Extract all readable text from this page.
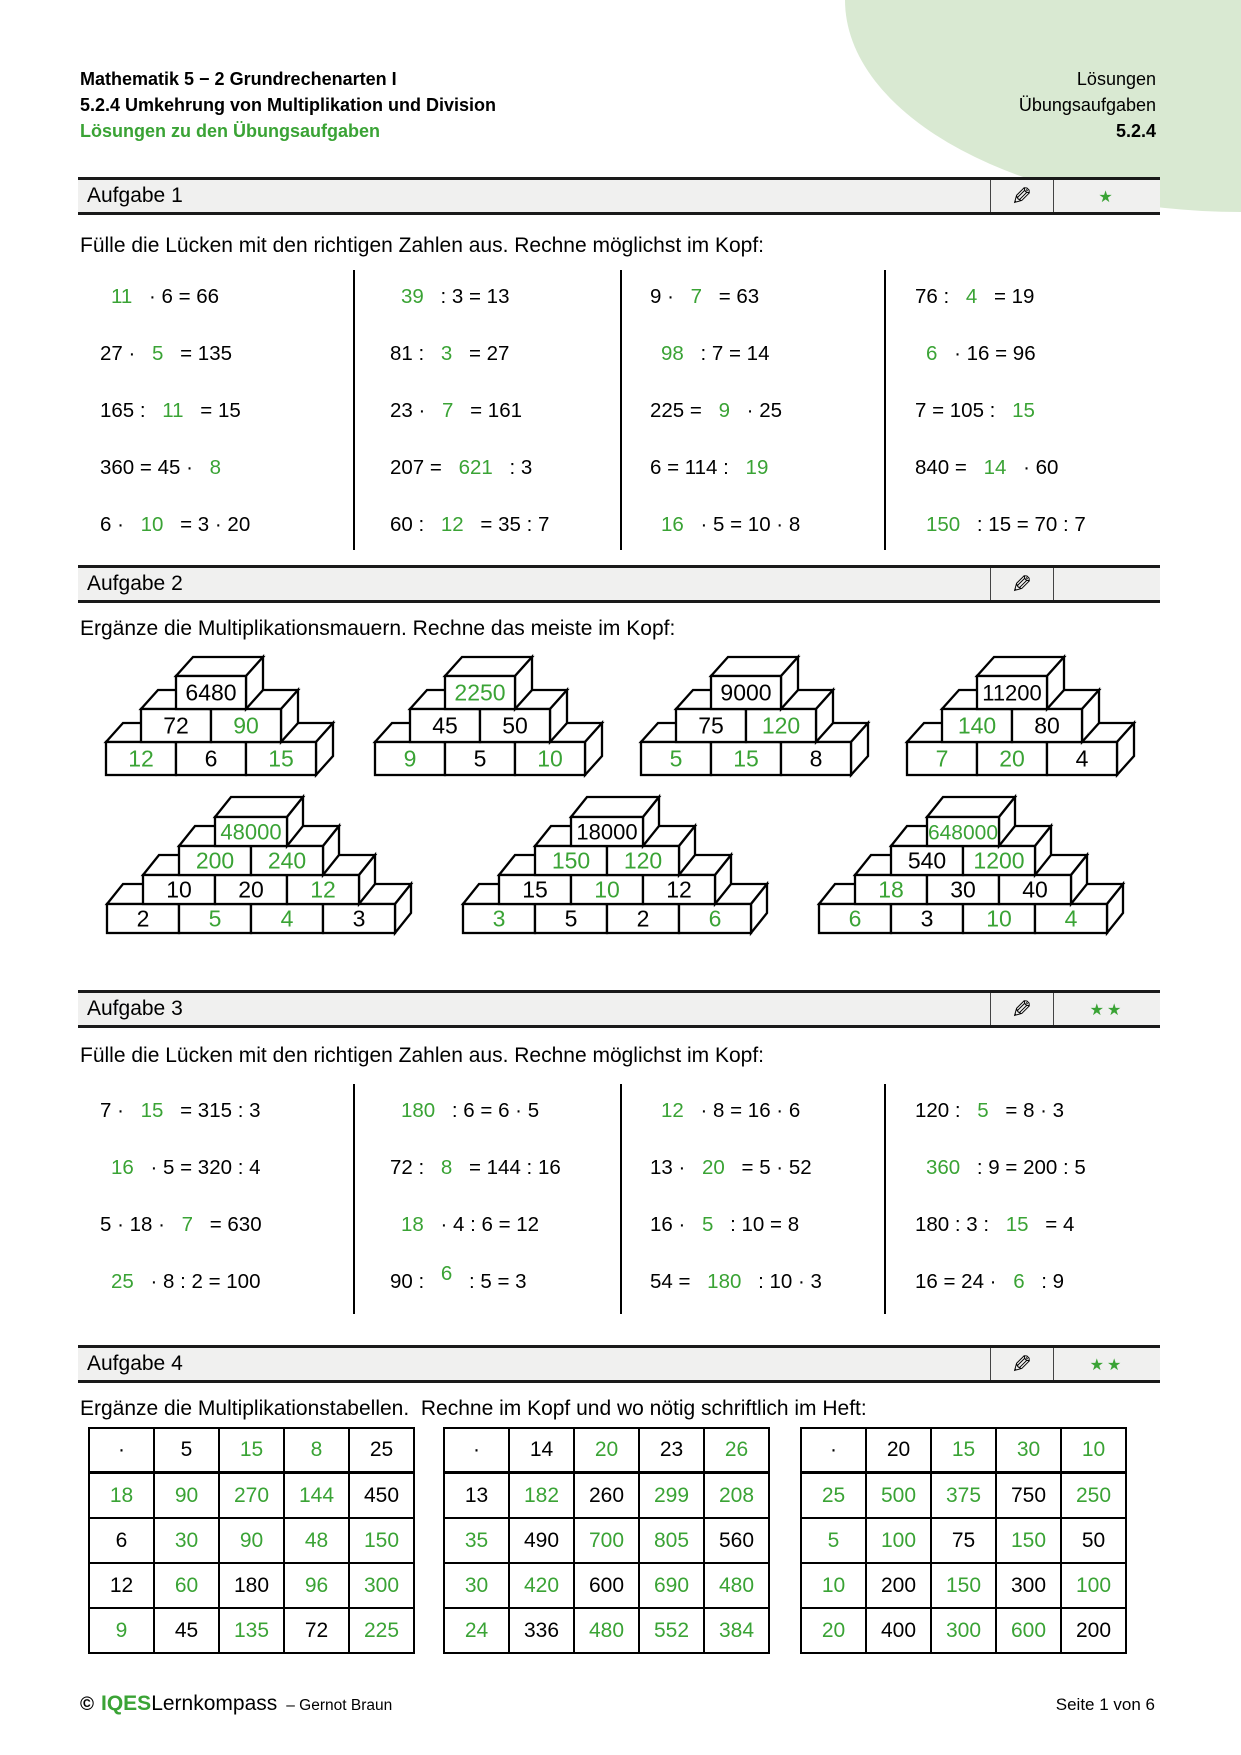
Mathematik 5 − 2 Grundrechenarten I
5.2.4 Umkehrung von Multiplikation und Division
Lösungen zu den Übungsaufgaben
Lösungen
Übungsaufgaben
5.2.4
Aufgabe 1	✎	★
Fülle die Lücken mit den richtigen Zahlen aus. Rechne möglichst im Kopf:
11 · 6 = 66
27 · 5 = 135
165 : 11 = 15
360 = 45 · 8
6 · 10 = 3 · 20
39 : 3 = 13
81 : 3 = 27
23 · 7 = 161
207 = 621 : 3
60 : 12 = 35 : 7
9 · 7 = 63
98 : 7 = 14
225 = 9 · 25
6 = 114 : 19
16 · 5 = 10 · 8
76 : 4 = 19
6 · 16 = 96
7 = 105 : 15
840 = 14 · 60
150 : 15 = 70 : 7
Aufgabe 2	✎
Ergänze die Multiplikationsmauern. Rechne das meiste im Kopf:
12 6 15
72 90
6480
9 5 10
45 50
2250
5 15 8
75 120
9000
7 20 4
140 80
11200
2	5	4	3
10 20 12
200 240
48000
3	5	2	6
15 10 12
150 120
18000
6	3 10 4
18 30 40
540 1200
648000
Aufgabe 3	✎	★★
Fülle die Lücken mit den richtigen Zahlen aus. Rechne möglichst im Kopf:
7 · 15 = 315 : 3
16 · 5 = 320 : 4
5 · 18 · 7 = 630
25 · 8 : 2 = 100
180 : 6 = 6 · 5
72 : 8 = 144 : 16
18 · 4 : 6 = 12
90 : 6 : 5 = 3
12 · 8 = 16 · 6
13 · 20 = 5 · 52
16 · 5 : 10 = 8
54 = 180 : 10 · 3
120 : 5 = 8 · 3
360 : 9 = 200 : 5
180 : 3 : 15 = 4
16 = 24 · 6 : 9
Aufgabe 4	✎	★★
Ergänze die Multiplikationstabellen.  Rechne im Kopf und wo nötig schriftlich im Heft:
·	5	15	8	25
18	90	270	144	450
6	30	90	48	150
12	60	180	96	300
9	45	135	72	225
·	14	20	23	26
13	182	260	299	208
35	490	700	805	560
30	420	600	690	480
24	336	480	552	384
·	20	15	30	10
25	500	375	750	250
5	100	75	150	50
10	200	150	300	100
20	400	300	600	200
© IQESLernkompass – Gernot Braun	Seite 1 von 6
